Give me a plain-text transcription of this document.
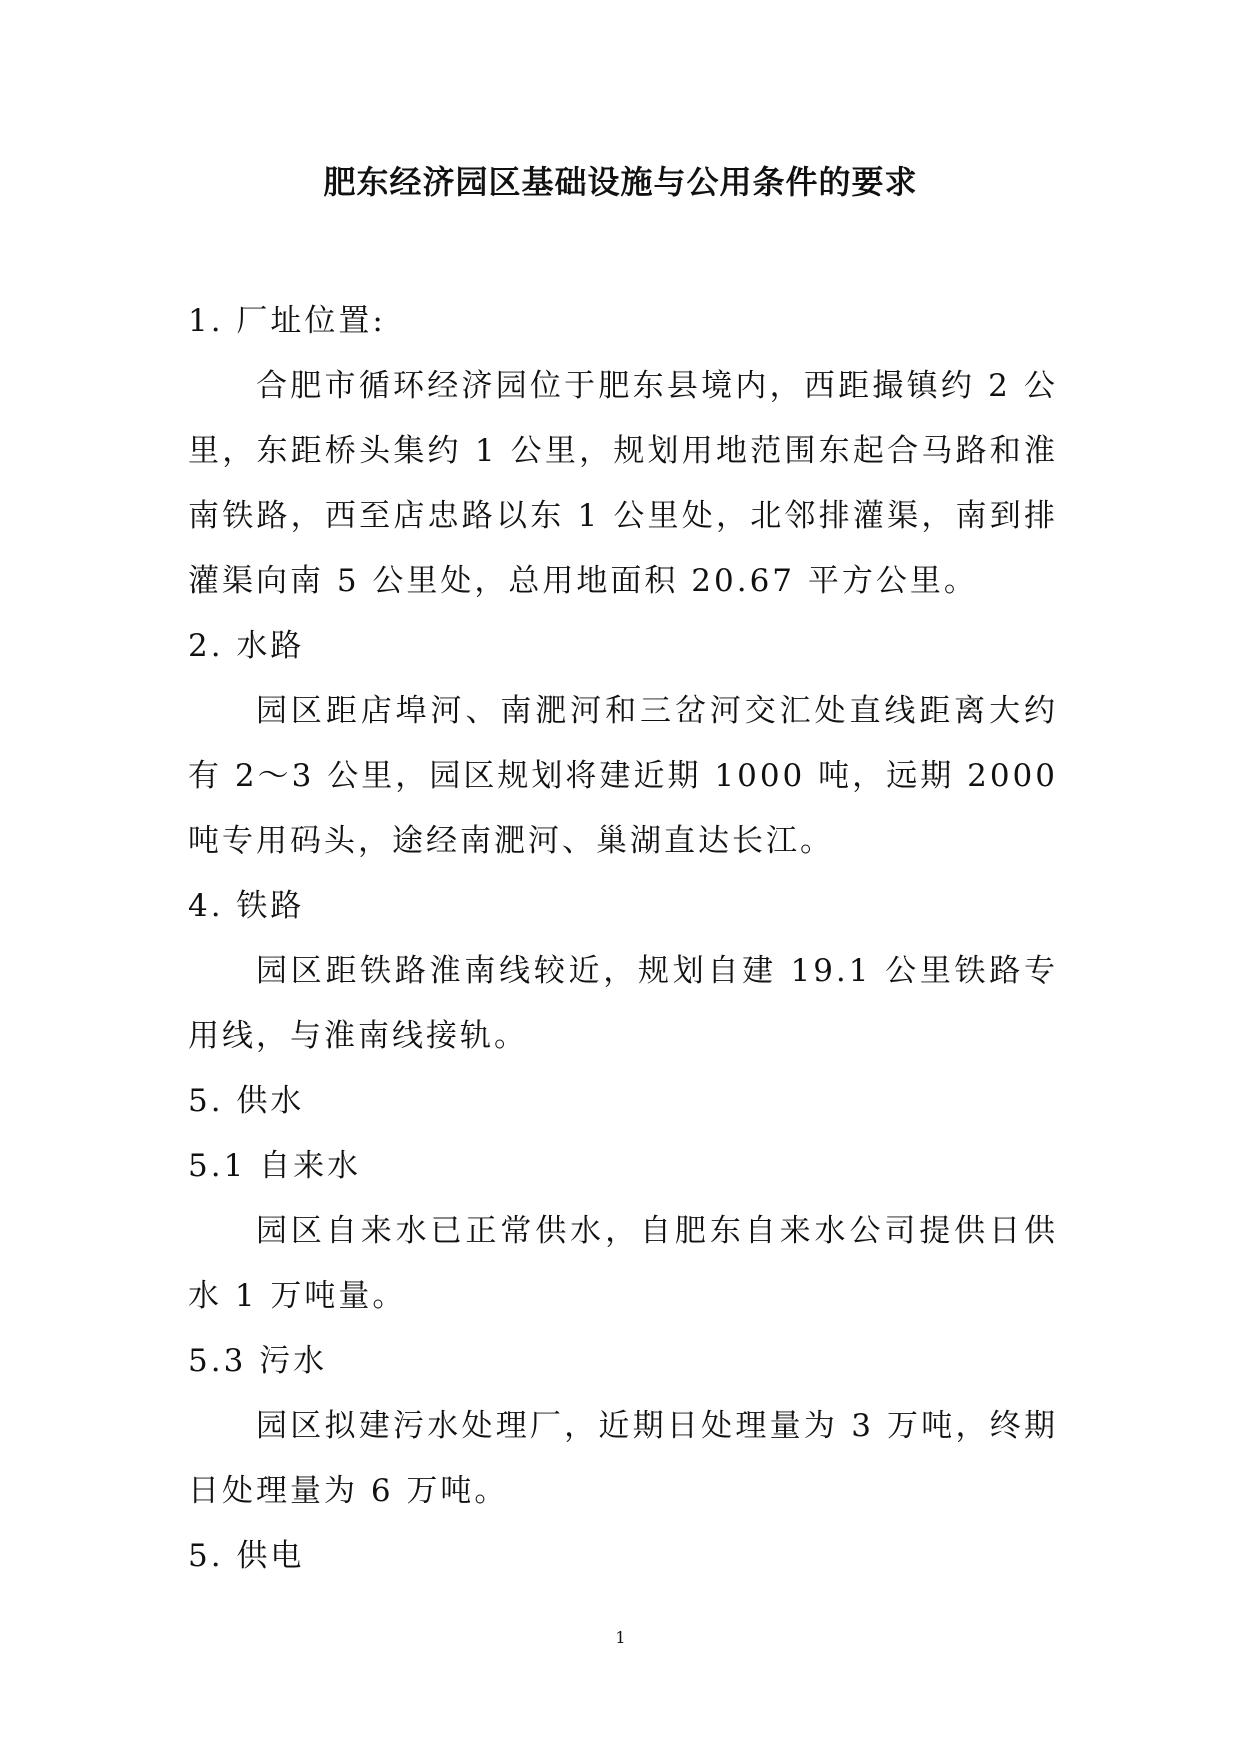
肥东经济园区基础设施与公用条件的要求

1. 厂址位置:

合肥市循环经济园位于肥东县境内，西距撮镇约 2 公里，东距桥头集约 1 公里，规划用地范围东起合马路和淮南铁路，西至店忠路以东 1 公里处，北邻排灌渠，南到排灌渠向南 5 公里处，总用地面积 20.67 平方公里。

2. 水路

园区距店埠河、南淝河和三岔河交汇处直线距离大约有 2～3 公里，园区规划将建近期 1000 吨，远期 2000 吨专用码头，途经南淝河、巢湖直达长江。

4. 铁路

园区距铁路淮南线较近，规划自建 19.1 公里铁路专用线，与淮南线接轨。

5. 供水

5.1 自来水

园区自来水已正常供水，自肥东自来水公司提供日供水 1 万吨量。

5.3 污水

园区拟建污水处理厂，近期日处理量为 3 万吨，终期日处理量为 6 万吨。

5. 供电

1
